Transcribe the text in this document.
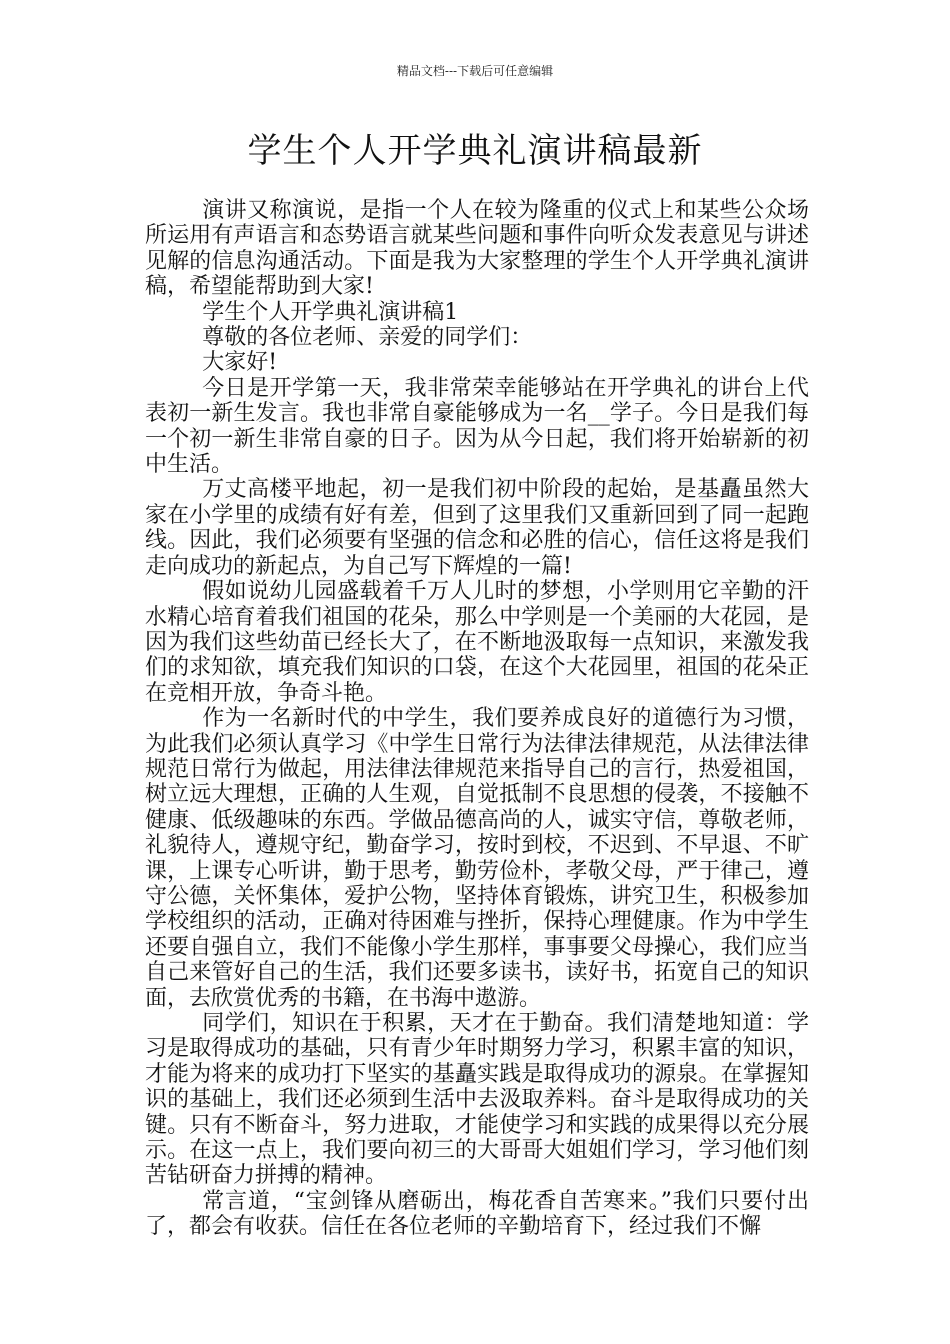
精品文档---下载后可任意编辑
学生个人开学典礼演讲稿最新

演讲又称演说，是指一个人在较为隆重的仪式上和某些公众场所运用有声语言和态势语言就某些问题和事件向听众发表意见与讲述见解的信息沟通活动。下面是我为大家整理的学生个人开学典礼演讲稿，希望能帮助到大家!

学生个人开学典礼演讲稿1

尊敬的各位老师、亲爱的同学们：

大家好!

今日是开学第一天，我非常荣幸能够站在开学典礼的讲台上代表初一新生发言。我也非常自豪能够成为一名__学子。今日是我们每一个初一新生非常自豪的日子。因为从今日起，我们将开始崭新的初中生活。

万丈高楼平地起，初一是我们初中阶段的起始，是基矗虽然大家在小学里的成绩有好有差，但到了这里我们又重新回到了同一起跑线。因此，我们必须要有坚强的信念和必胜的信心，信任这将是我们走向成功的新起点，为自己写下辉煌的一篇!

假如说幼儿园盛载着千万人儿时的梦想，小学则用它辛勤的汗水精心培育着我们祖国的花朵，那么中学则是一个美丽的大花园，是因为我们这些幼苗已经长大了，在不断地汲取每一点知识，来激发我们的求知欲，填充我们知识的口袋，在这个大花园里，祖国的花朵正在竞相开放，争奇斗艳。

作为一名新时代的中学生，我们要养成良好的道德行为习惯，为此我们必须认真学习《中学生日常行为法律法律规范，从法律法律规范日常行为做起，用法律法律规范来指导自己的言行，热爱祖国，树立远大理想，正确的人生观，自觉抵制不良思想的侵袭，不接触不健康、低级趣味的东西。学做品德高尚的人，诚实守信，尊敬老师，礼貌待人，遵规守纪，勤奋学习，按时到校，不迟到、不早退、不旷课，上课专心听讲，勤于思考，勤劳俭朴，孝敬父母，严于律己，遵守公德，关怀集体，爱护公物，坚持体育锻炼，讲究卫生，积极参加学校组织的活动，正确对待困难与挫折，保持心理健康。作为中学生还要自强自立，我们不能像小学生那样，事事要父母操心，我们应当自己来管好自己的生活，我们还要多读书，读好书，拓宽自己的知识面，去欣赏优秀的书籍，在书海中遨游。

同学们，知识在于积累，天才在于勤奋。我们清楚地知道：学习是取得成功的基础，只有青少年时期努力学习，积累丰富的知识，才能为将来的成功打下坚实的基矗实践是取得成功的源泉。在掌握知识的基础上，我们还必须到生活中去汲取养料。奋斗是取得成功的关键。只有不断奋斗，努力进取，才能使学习和实践的成果得以充分展示。在这一点上，我们要向初三的大哥哥大姐姐们学习，学习他们刻苦钻研奋力拼搏的精神。

常言道，“宝剑锋从磨砺出，梅花香自苦寒来。”我们只要付出了，都会有收获。信任在各位老师的辛勤培育下，经过我们不懈
